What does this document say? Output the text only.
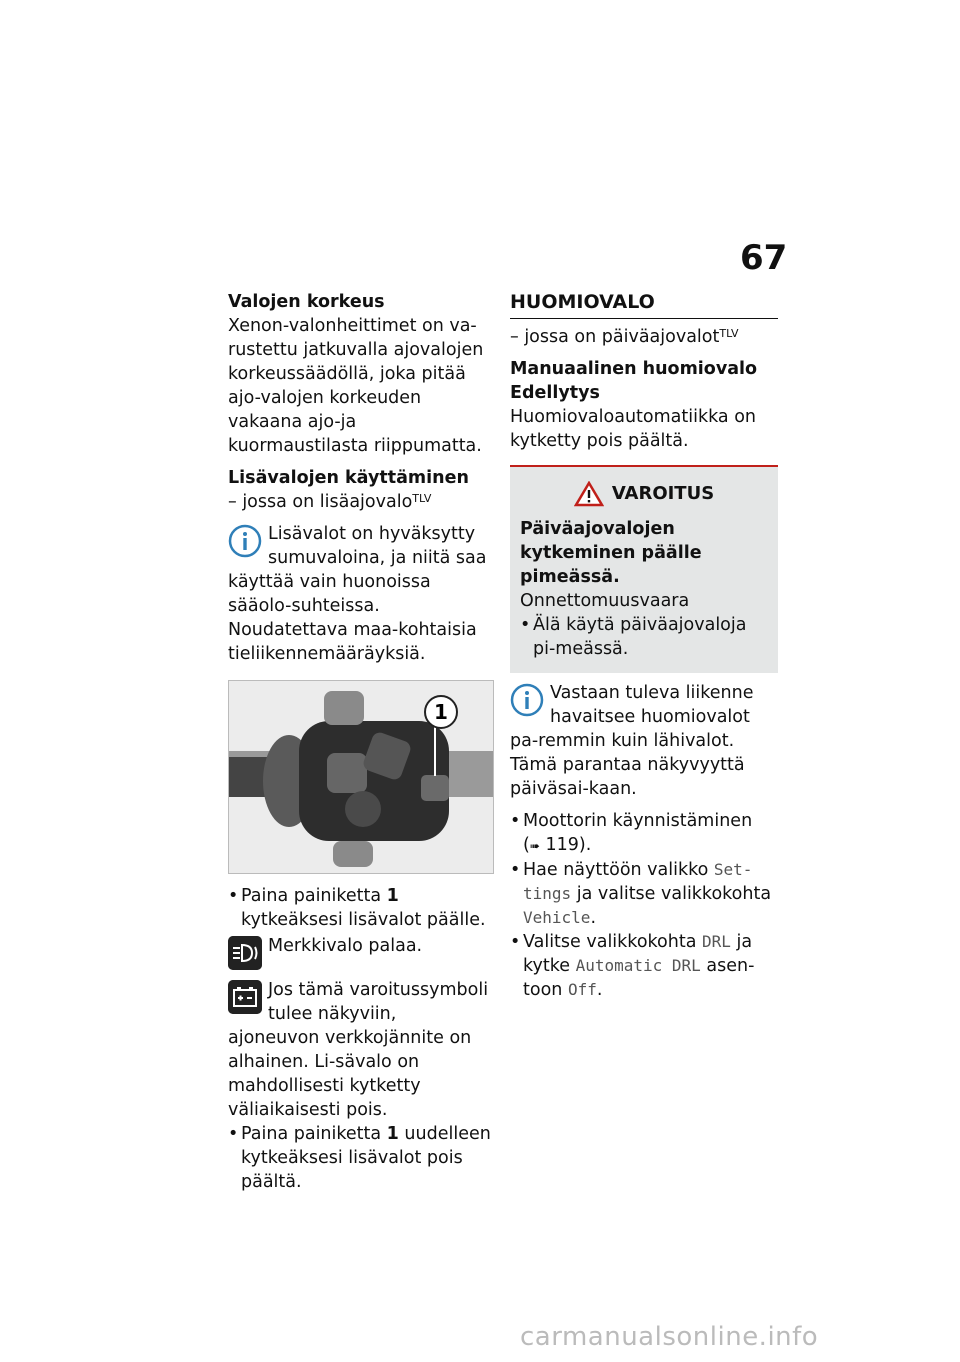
67

Valojen korkeus

Xenon-valonheittimet on va-rustettu jatkuvalla ajovalojen korkeussäädöllä, joka pitää ajo-valojen korkeuden vakaana ajo-ja kuormaustilasta riippumatta.

Lisävalojen käyttäminen

– jossa on lisäajovalo$^{TLV}$

Lisävalot on hyväksytty sumuvaloina, ja niitä saa käyttää vain huonoissa sääolo-suhteissa. Noudatettava maa-kohtaisia tieliikennemääräyksiä.

1

• Paina painiketta 1 kytkeäksesi lisävalot päälle.

Merkkivalo palaa.

Jos tämä varoitussymboli tulee näkyviin, ajoneuvon verkkojännite on alhainen. Li-sävalo on mahdollisesti kytketty väliaikaisesti pois.

• Paina painiketta 1 uudelleen kytkeäksesi lisävalot pois päältä.

HUOMIOVALO

– jossa on päiväajovalot$^{TLV}$

Manuaalinen huomiovalo

Edellytys

Huomiovaloautomatiikka on kytketty pois päältä.

VAROITUS

Päiväajovalojen kytkeminen päälle pimeässä.

Onnettomuusvaara

• Älä käytä päiväajovaloja pi-meässä.

Vastaan tuleva liikenne havaitsee huomiovalot pa-remmin kuin lähivalot. Tämä parantaa näkyvyyttä päiväsai-kaan.

• Moottorin käynnistäminen
(➠ 119).

• Hae näyttöön valikko Set-tings ja valitse valikkokohta Vehicle.

• Valitse valikkokohta DRL ja kytke Automatic DRL asen-toon Off.

carmanualsonline.info
